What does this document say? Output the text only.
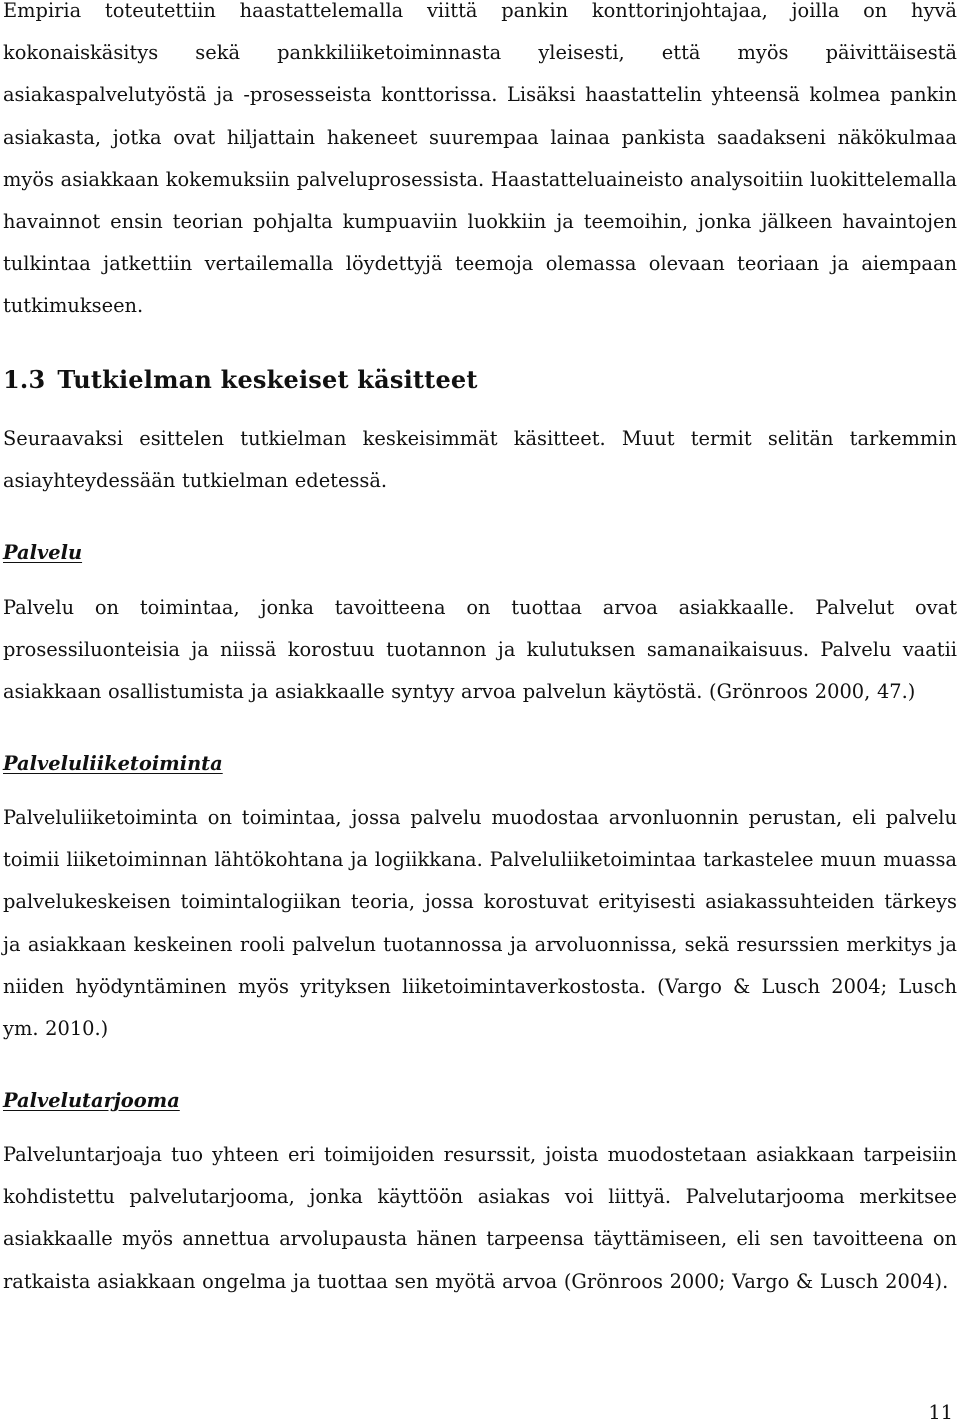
Empiria toteutettiin haastattelemalla viittä pankin konttorinjohtajaa, joilla on hyvä kokonaiskäsitys sekä pankkiliiketoiminnasta yleisesti, että myös päivittäisestä asiakaspalvelutyöstä ja -prosesseista konttorissa. Lisäksi haastattelin yhteensä kolmea pankin asiakasta, jotka ovat hiljattain hakeneet suurempaa lainaa pankista saadakseni näkökulmaa myös asiakkaan kokemuksiin palveluprosessista. Haastatteluaineisto analysoitiin luokittelemalla havainnot ensin teorian pohjalta kumpuaviin luokkiin ja teemoihin, jonka jälkeen havaintojen tulkintaa jatkettiin vertailemalla löydettyjä teemoja olemassa olevaan teoriaan ja aiempaan tutkimukseen.

1.3 Tutkielman keskeiset käsitteet

Seuraavaksi esittelen tutkielman keskeisimmät käsitteet. Muut termit selitän tarkemmin asiayhteydessään tutkielman edetessä.

Palvelu

Palvelu on toimintaa, jonka tavoitteena on tuottaa arvoa asiakkaalle. Palvelut ovat prosessiluonteisia ja niissä korostuu tuotannon ja kulutuksen samanaikaisuus. Palvelu vaatii asiakkaan osallistumista ja asiakkaalle syntyy arvoa palvelun käytöstä. (Grönroos 2000, 47.)

Palveluliiketoiminta

Palveluliiketoiminta on toimintaa, jossa palvelu muodostaa arvonluonnin perustan, eli palvelu toimii liiketoiminnan lähtökohtana ja logiikkana. Palveluliiketoimintaa tarkastelee muun muassa palvelukeskeisen toimintalogiikan teoria, jossa korostuvat erityisesti asiakassuhteiden tärkeys ja asiakkaan keskeinen rooli palvelun tuotannossa ja arvoluonnissa, sekä resurssien merkitys ja niiden hyödyntäminen myös yrityksen liiketoimintaverkostosta. (Vargo & Lusch 2004; Lusch ym. 2010.)

Palvelutarjooma

Palveluntarjoaja tuo yhteen eri toimijoiden resurssit, joista muodostetaan asiakkaan tarpeisiin kohdistettu palvelutarjooma, jonka käyttöön asiakas voi liittyä. Palvelutarjooma merkitsee asiakkaalle myös annettua arvolupausta hänen tarpeensa täyttämiseen, eli sen tavoitteena on ratkaista asiakkaan ongelma ja tuottaa sen myötä arvoa (Grönroos 2000; Vargo & Lusch 2004).

11
